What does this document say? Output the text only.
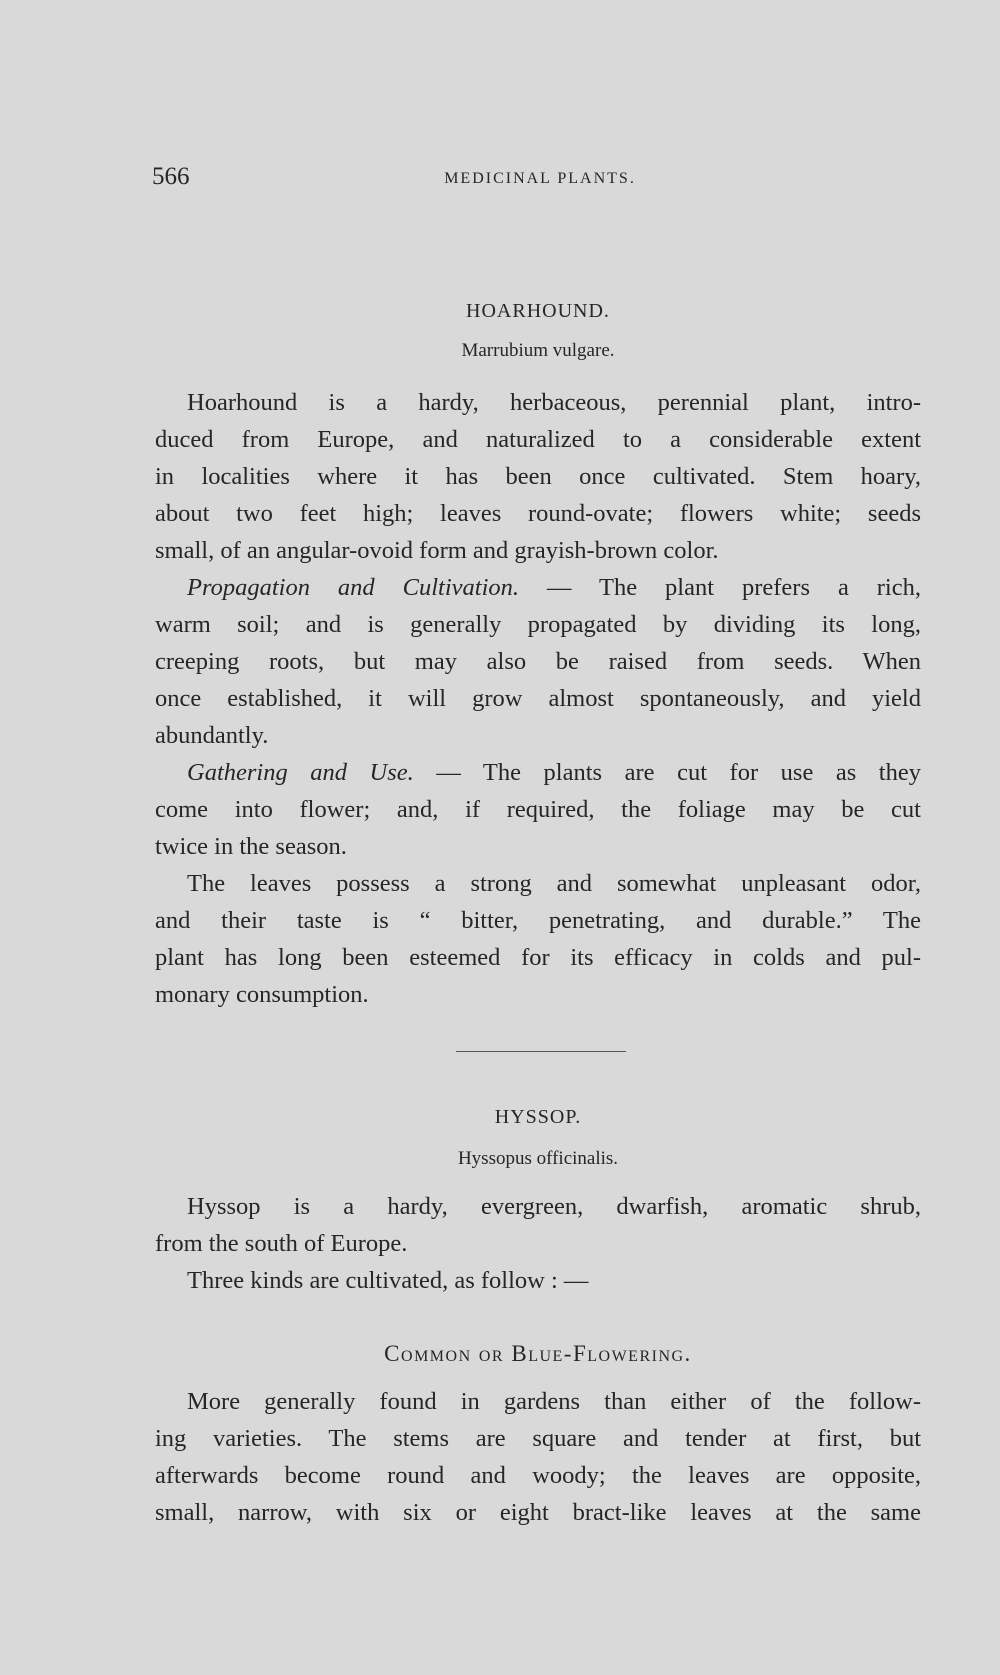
566	MEDICINAL PLANTS.
HOARHOUND.
Marrubium vulgare.
Hoarhound is a hardy, herbaceous, perennial plant, intro-
duced from Europe, and naturalized to a considerable extent
in localities where it has been once cultivated. Stem hoary,
about two feet high; leaves round-ovate; flowers white; seeds
small, of an angular-ovoid form and grayish-brown color.
Propagation and Cultivation. — The plant prefers a rich,
warm soil; and is generally propagated by dividing its long,
creeping roots, but may also be raised from seeds. When
once established, it will grow almost spontaneously, and yield
abundantly.
Gathering and Use. — The plants are cut for use as they
come into flower; and, if required, the foliage may be cut
twice in the season.
The leaves possess a strong and somewhat unpleasant odor,
and their taste is “ bitter, penetrating, and durable.” The
plant has long been esteemed for its efficacy in colds and pul-
monary consumption.
HYSSOP.
Hyssopus officinalis.
Hyssop is a hardy, evergreen, dwarfish, aromatic shrub,
from the south of Europe.
Three kinds are cultivated, as follow : —
Common or Blue-Flowering.
More generally found in gardens than either of the follow-
ing varieties. The stems are square and tender at first, but
afterwards become round and woody; the leaves are opposite,
small, narrow, with six or eight bract-like leaves at the same
